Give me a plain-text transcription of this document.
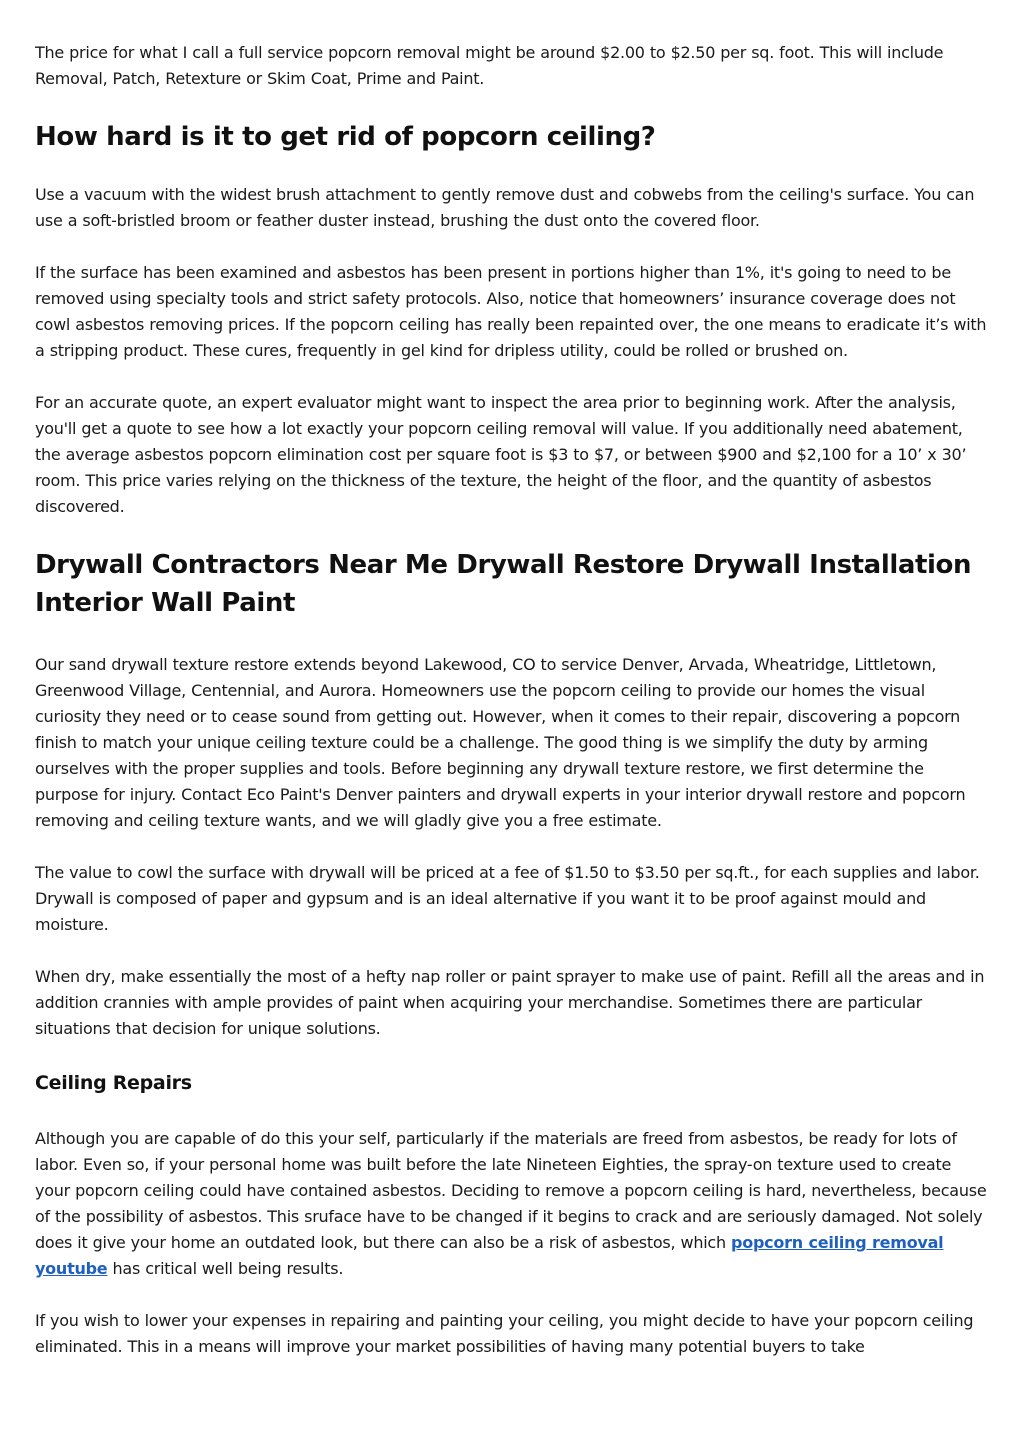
The price for what I call a full service popcorn removal might be around $2.00 to $2.50 per sq. foot. This will include Removal, Patch, Retexture or Skim Coat, Prime and Paint.

How hard is it to get rid of popcorn ceiling?

Use a vacuum with the widest brush attachment to gently remove dust and cobwebs from the ceiling's surface. You can use a soft-bristled broom or feather duster instead, brushing the dust onto the covered floor.

If the surface has been examined and asbestos has been present in portions higher than 1%, it's going to need to be removed using specialty tools and strict safety protocols. Also, notice that homeowners’ insurance coverage does not cowl asbestos removing prices. If the popcorn ceiling has really been repainted over, the one means to eradicate it’s with a stripping product. These cures, frequently in gel kind for dripless utility, could be rolled or brushed on.

For an accurate quote, an expert evaluator might want to inspect the area prior to beginning work. After the analysis, you'll get a quote to see how a lot exactly your popcorn ceiling removal will value. If you additionally need abatement, the average asbestos popcorn elimination cost per square foot is $3 to $7, or between $900 and $2,100 for a 10’ x 30’ room. This price varies relying on the thickness of the texture, the height of the floor, and the quantity of asbestos discovered.

Drywall Contractors Near Me Drywall Restore Drywall Installation Interior Wall Paint

Our sand drywall texture restore extends beyond Lakewood, CO to service Denver, Arvada, Wheatridge, Littletown, Greenwood Village, Centennial, and Aurora. Homeowners use the popcorn ceiling to provide our homes the visual curiosity they need or to cease sound from getting out. However, when it comes to their repair, discovering a popcorn finish to match your unique ceiling texture could be a challenge. The good thing is we simplify the duty by arming ourselves with the proper supplies and tools. Before beginning any drywall texture restore, we first determine the purpose for injury. Contact Eco Paint's Denver painters and drywall experts in your interior drywall restore and popcorn removing and ceiling texture wants, and we will gladly give you a free estimate.

The value to cowl the surface with drywall will be priced at a fee of $1.50 to $3.50 per sq.ft., for each supplies and labor. Drywall is composed of paper and gypsum and is an ideal alternative if you want it to be proof against mould and moisture.

When dry, make essentially the most of a hefty nap roller or paint sprayer to make use of paint. Refill all the areas and in addition crannies with ample provides of paint when acquiring your merchandise. Sometimes there are particular situations that decision for unique solutions.

Ceiling Repairs

Although you are capable of do this your self, particularly if the materials are freed from asbestos, be ready for lots of labor. Even so, if your personal home was built before the late Nineteen Eighties, the spray-on texture used to create your popcorn ceiling could have contained asbestos. Deciding to remove a popcorn ceiling is hard, nevertheless, because of the possibility of asbestos. This sruface have to be changed if it begins to crack and are seriously damaged. Not solely does it give your home an outdated look, but there can also be a risk of asbestos, which popcorn ceiling removal youtube has critical well being results.

If you wish to lower your expenses in repairing and painting your ceiling, you might decide to have your popcorn ceiling eliminated. This in a means will improve your market possibilities of having many potential buyers to take
